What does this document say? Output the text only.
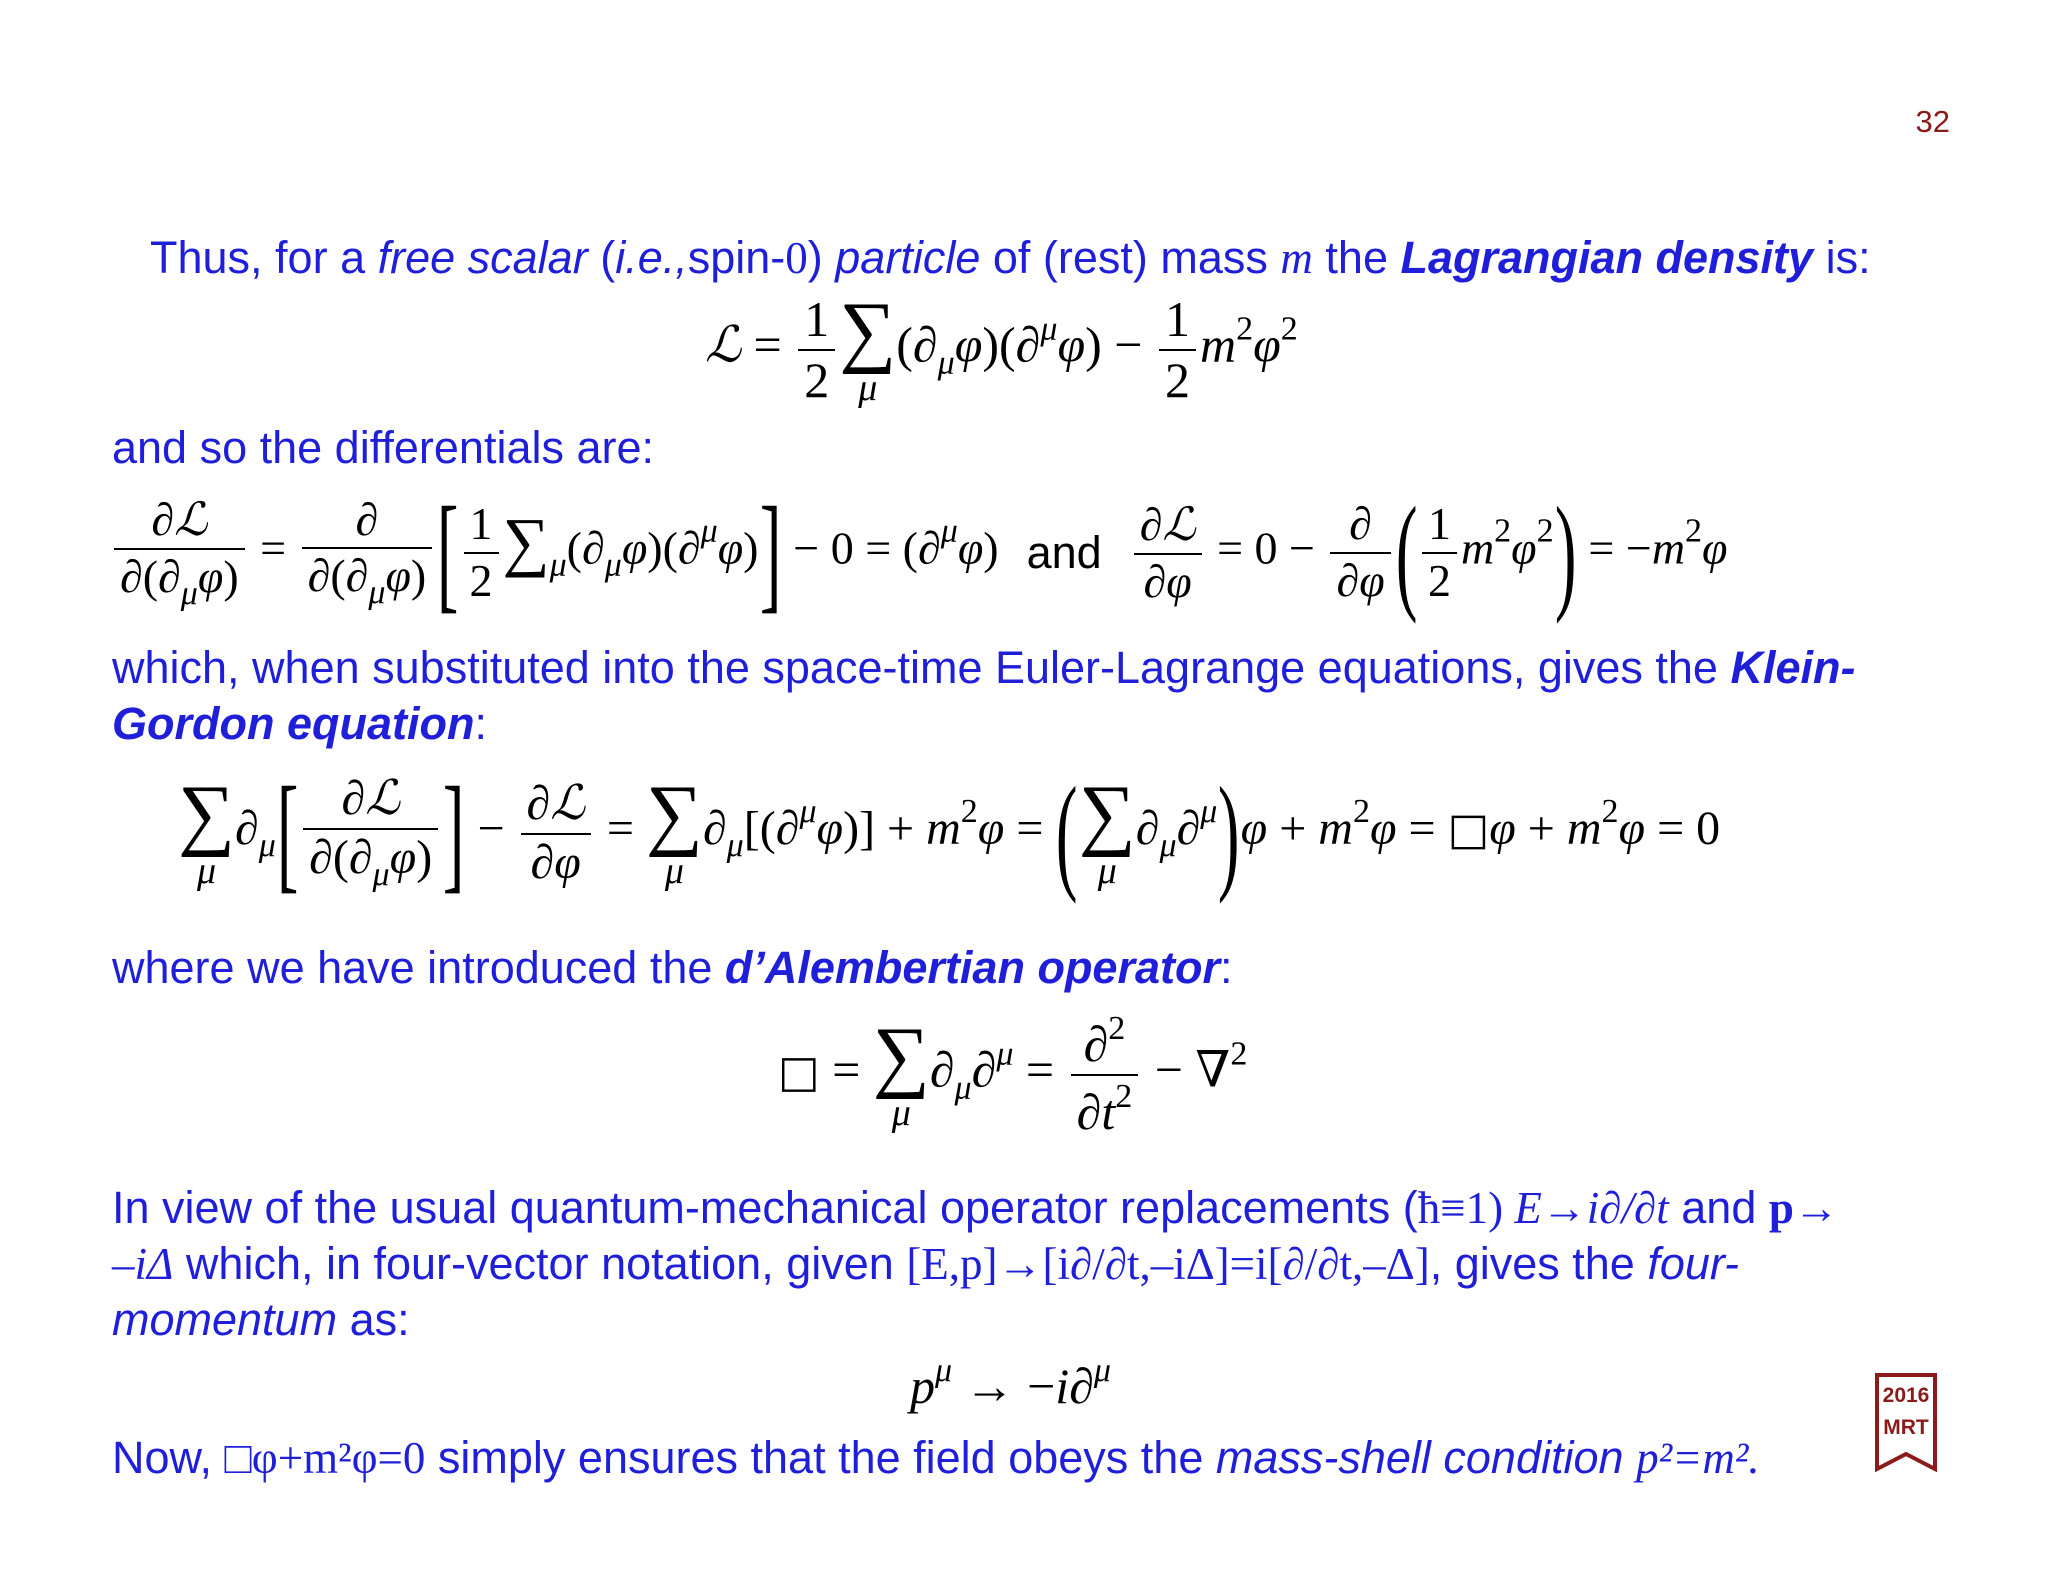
32
Thus, for a free scalar (i.e.,spin-0) particle of (rest) mass m the Lagrangian density is:
ℒ = $\frac{1}{2}$ ∑
μ
$(\partial_\mu\varphi)(\partial^\mu\varphi) - \frac{1}{2} m^2\varphi^2$
and so the differentials are:
$\frac{\text{∂ℒ}}{\partial(\partial_\mu\varphi)} = \frac{\partial}{\partial(\partial_\mu\varphi)}$ [ $\frac{1}{2} \sum_\mu(\partial_\mu\varphi)(\partial^\mu\varphi)] - 0 = (\partial^\mu\varphi)$ and $\frac{\text{∂ℒ}}{\partial\varphi} = 0 - \frac{\partial}{\partial\varphi}$ ( $\frac{1}{2} m^2\varphi^2) = -m^2\varphi$
which, when substituted into the space-time Euler-Lagrange equations, gives the Klein-
Gordon equation:
∑
μ
$\partial_\mu[ \frac{\text{∂ℒ}}{\partial(\partial_\mu\varphi)}$ ] − $\frac{\text{∂ℒ}}{\partial\varphi}$ = ∑
μ
$\partial_\mu[(\partial^\mu\varphi)] + m^2\varphi$ = ( ∑
μ
$\partial_\mu\partial^\mu)\varphi + m^2\varphi$ = □φ + $m^2\varphi = 0$
where we have introduced the d’Alembertian operator:
□ = ∑
μ
$\partial_\mu\partial^\mu = \frac{\partial^2}{\partial t^2} - \nabla^2$
In view of the usual quantum-mechanical operator replacements (ħ≡1) E→i∂/∂t and p→
–iΔ which, in four-vector notation, given [E,p]→[i∂/∂t,–iΔ]=i[∂/∂t,–Δ], gives the four-
momentum as:
$p^\mu \to -i\partial^\mu$
Now, □φ+m²φ=0 simply ensures that the field obeys the mass-shell condition p²=m².
2016
MRT
